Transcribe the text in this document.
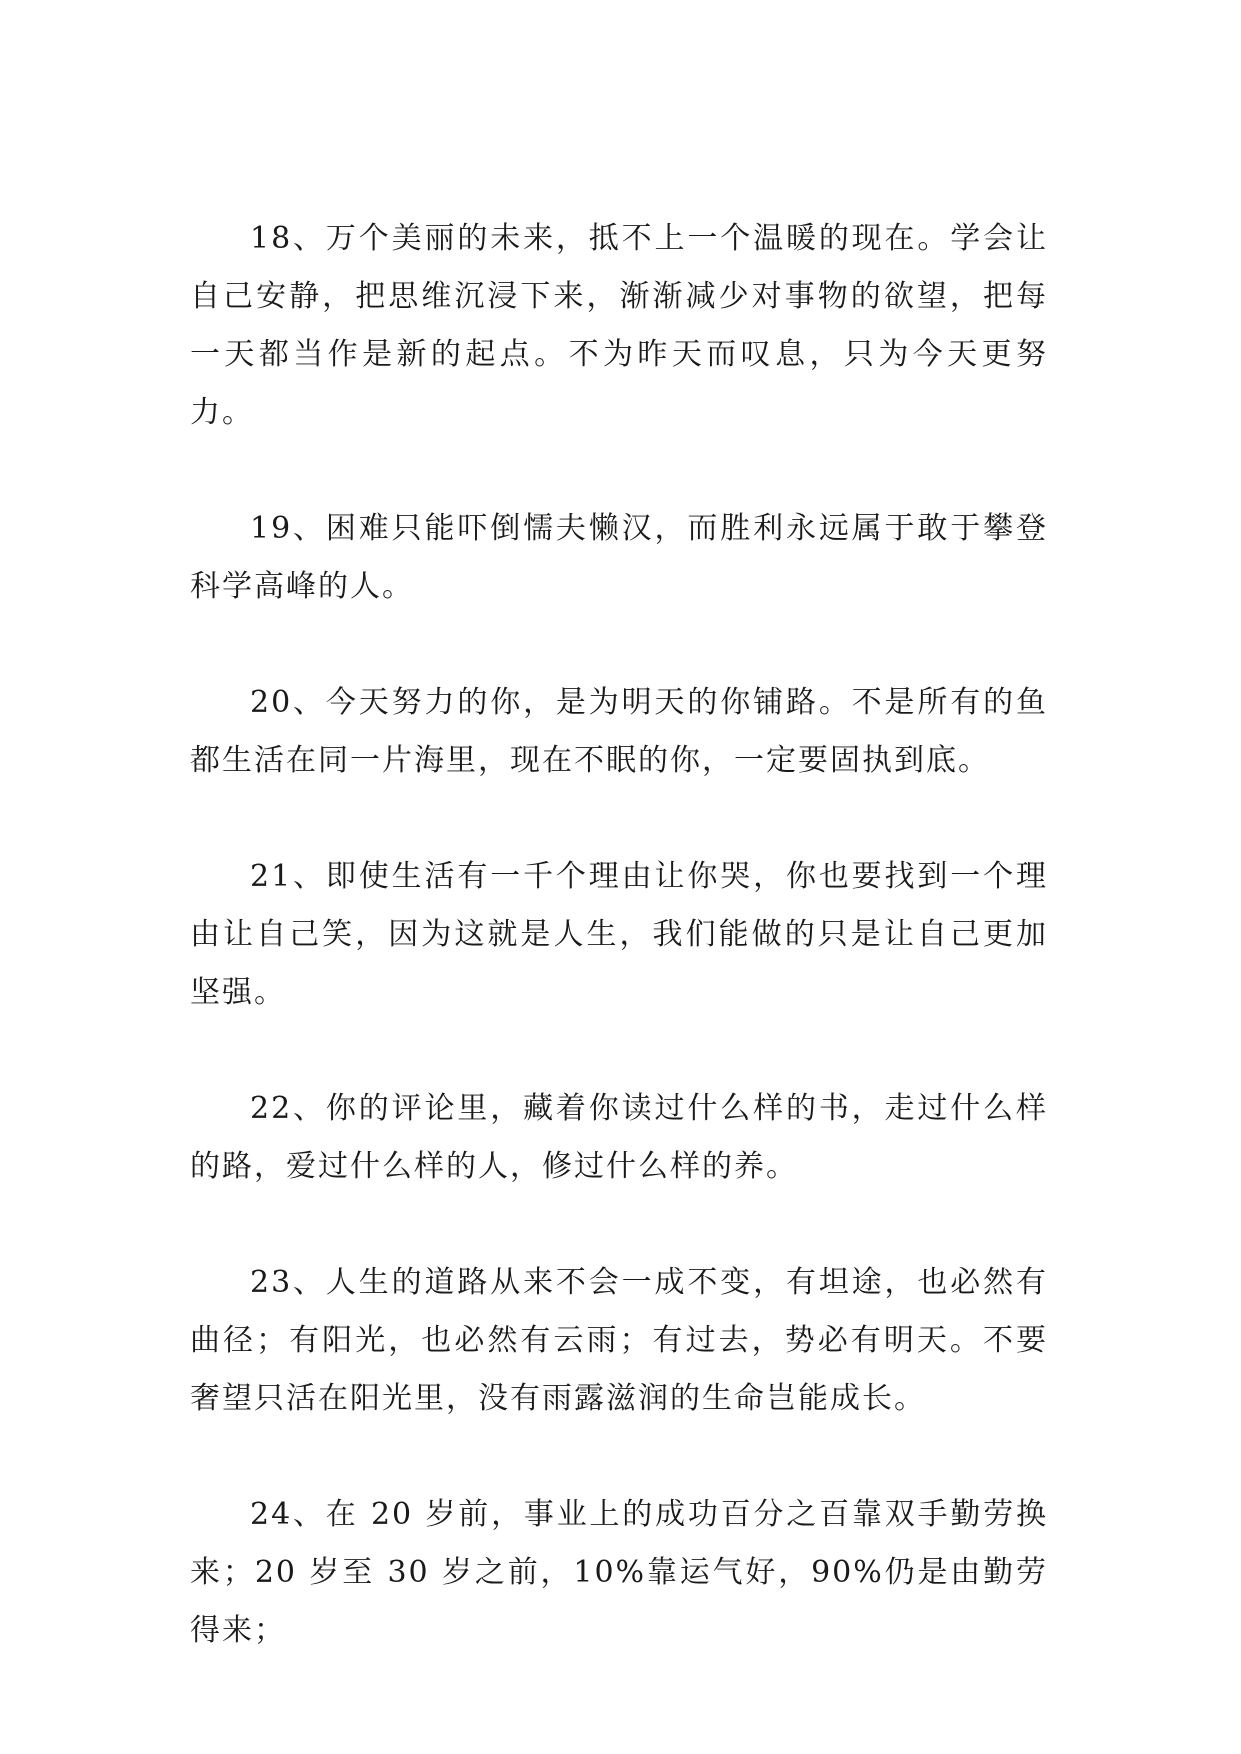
18、万个美丽的未来，抵不上一个温暖的现在。学会让自己安静，把思维沉浸下来，渐渐减少对事物的欲望，把每一天都当作是新的起点。不为昨天而叹息，只为今天更努力。

19、困难只能吓倒懦夫懒汉，而胜利永远属于敢于攀登科学高峰的人。

20、今天努力的你，是为明天的你铺路。不是所有的鱼都生活在同一片海里，现在不眠的你，一定要固执到底。

21、即使生活有一千个理由让你哭，你也要找到一个理由让自己笑，因为这就是人生，我们能做的只是让自己更加坚强。

22、你的评论里，藏着你读过什么样的书，走过什么样的路，爱过什么样的人，修过什么样的养。

23、人生的道路从来不会一成不变，有坦途，也必然有曲径；有阳光，也必然有云雨；有过去，势必有明天。不要奢望只活在阳光里，没有雨露滋润的生命岂能成长。

24、在 20 岁前，事业上的成功百分之百靠双手勤劳换来；20 岁至 30 岁之前，10%靠运气好，90%仍是由勤劳得来；
